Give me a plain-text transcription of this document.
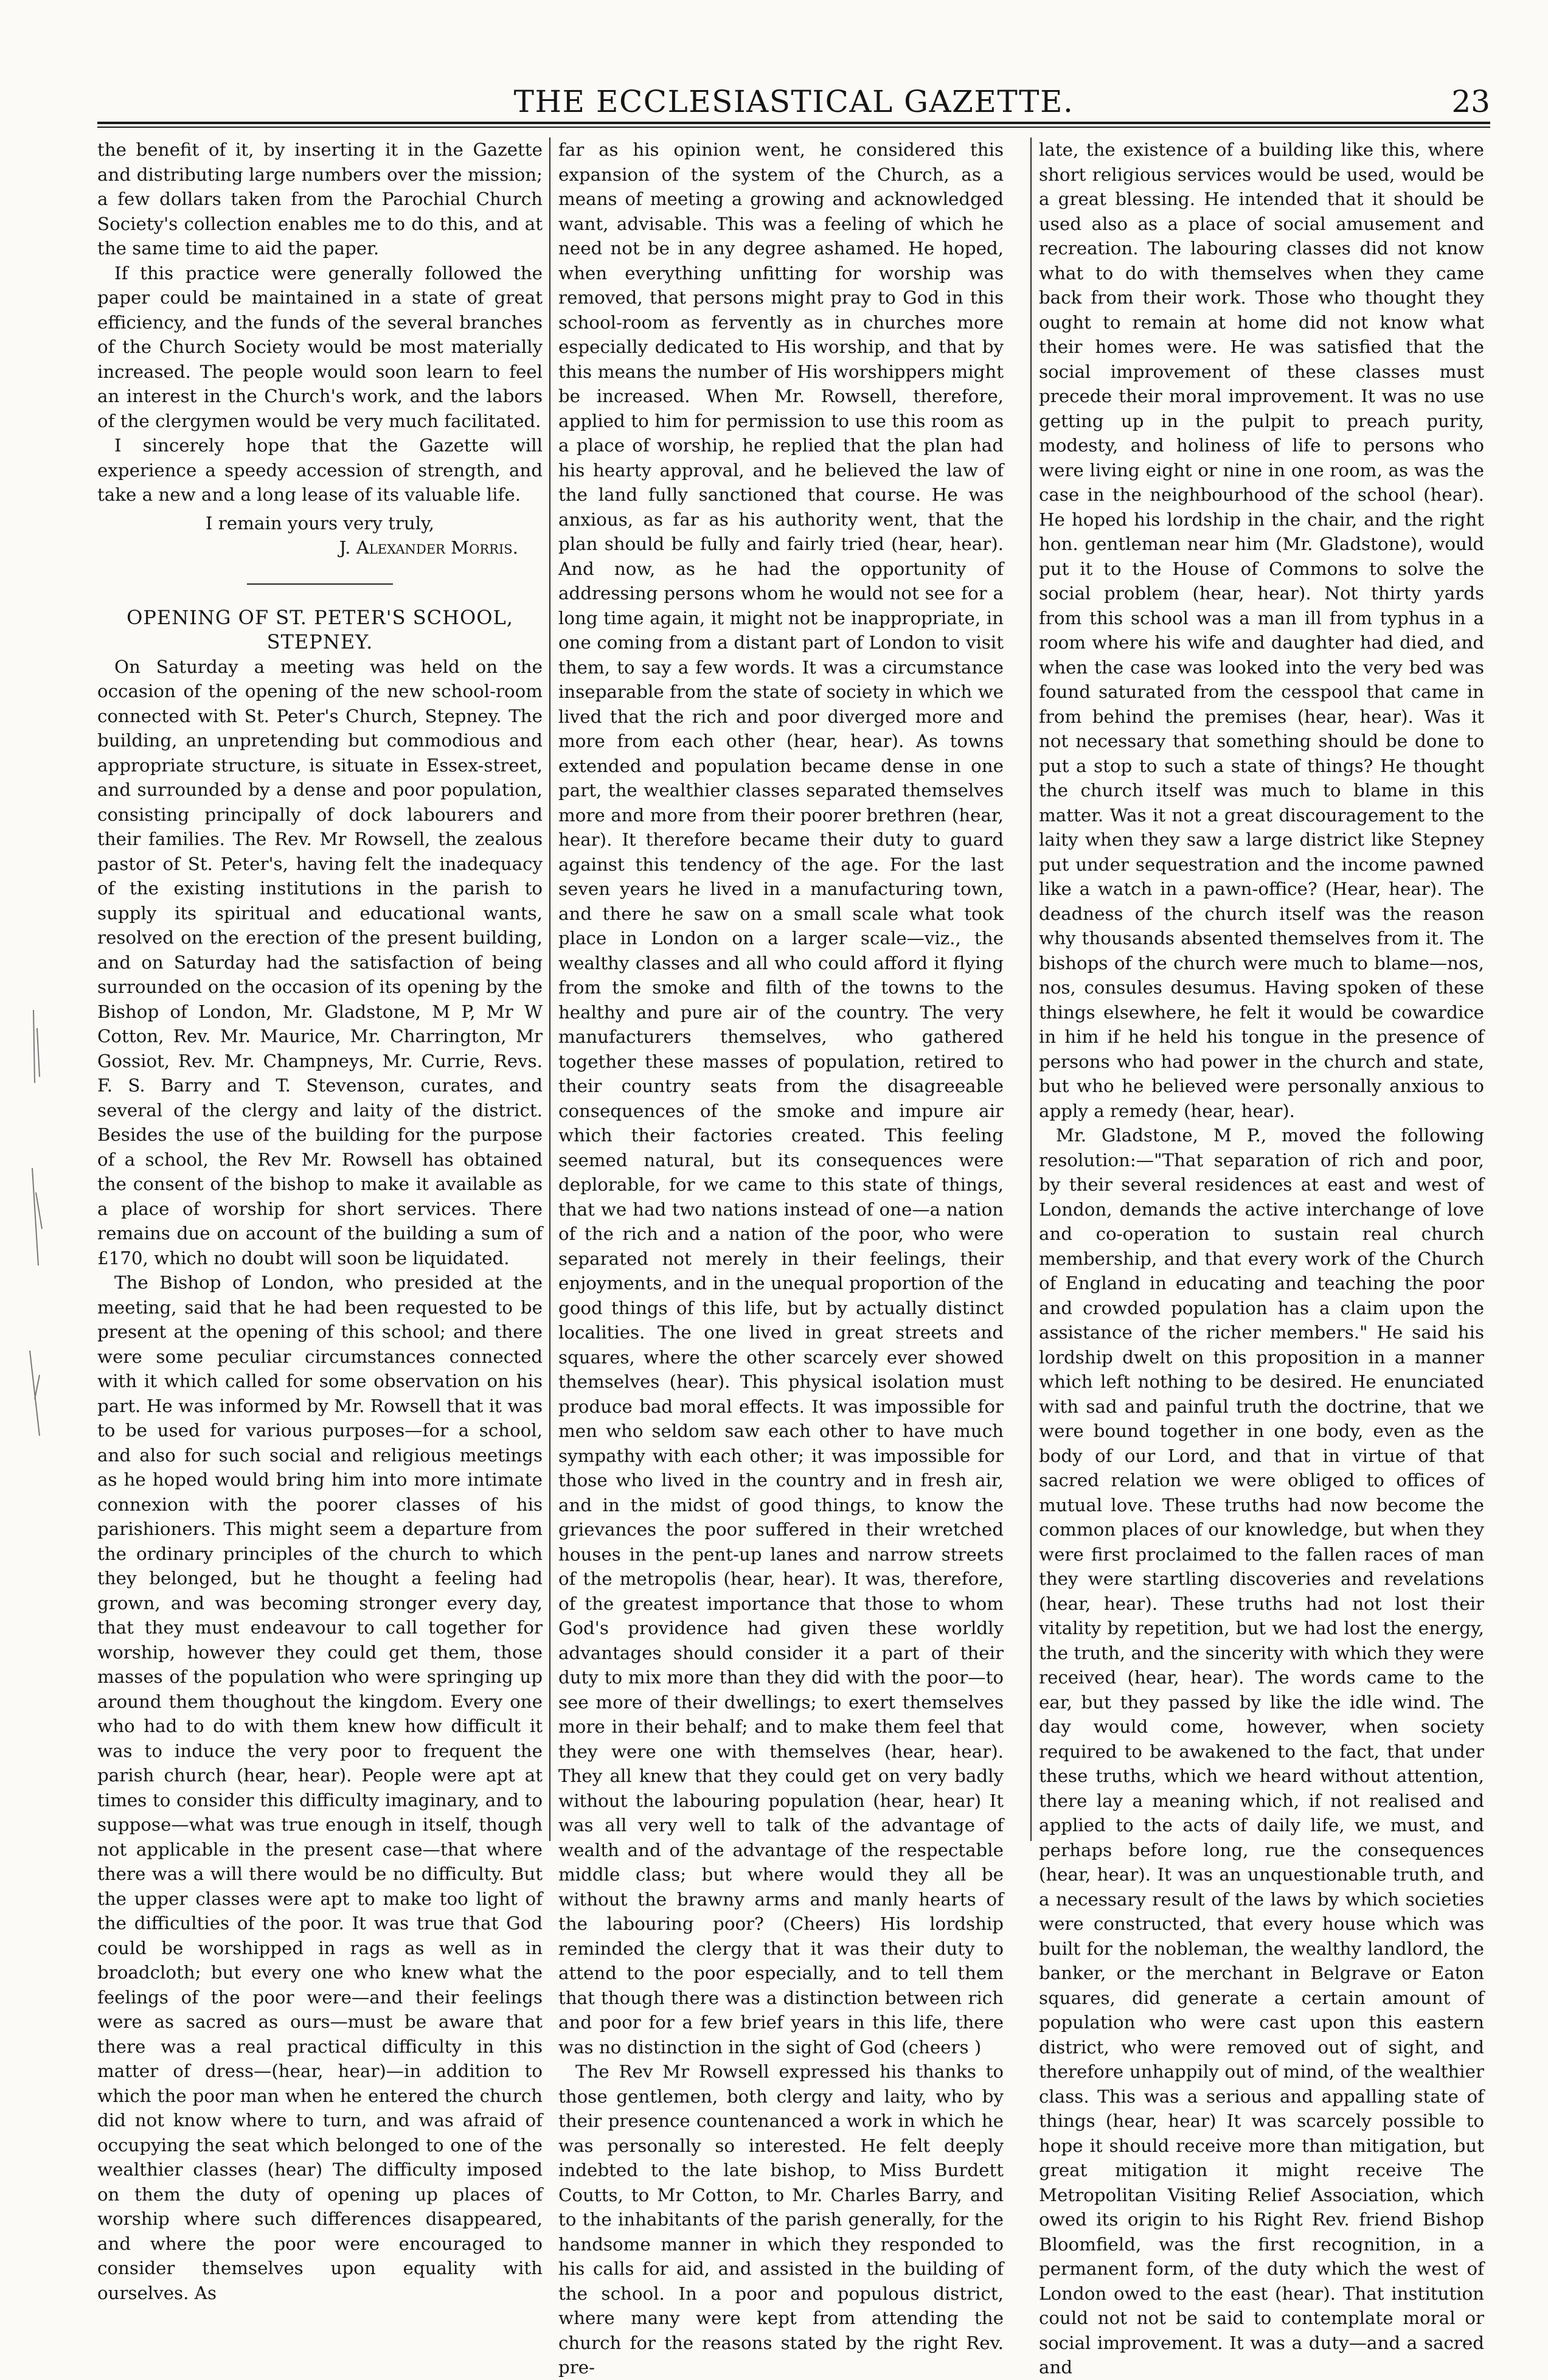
THE ECCLESIASTICAL GAZETTE.	23

the benefit of it, by inserting it in the Gazette and distributing large numbers over the mission; a few dollars taken from the Parochial Church Society's collection enables me to do this, and at the same time to aid the paper.

If this practice were generally followed the paper could be maintained in a state of great efficiency, and the funds of the several branches of the Church Society would be most materially increased. The people would soon learn to feel an interest in the Church's work, and the labors of the clergymen would be very much facilitated.

I sincerely hope that the Gazette will experience a speedy accession of strength, and take a new and a long lease of its valuable life.

I remain yours very truly,

J. Alexander Morris.

OPENING OF ST. PETER'S SCHOOL, STEPNEY.

On Saturday a meeting was held on the occasion of the opening of the new school-room connected with St. Peter's Church, Stepney. The building, an unpretending but commodious and appropriate structure, is situate in Essex-street, and surrounded by a dense and poor population, consisting principally of dock labourers and their families. The Rev. Mr Rowsell, the zealous pastor of St. Peter's, having felt the inadequacy of the existing institutions in the parish to supply its spiritual and educational wants, resolved on the erection of the present building, and on Saturday had the satisfaction of being surrounded on the occasion of its opening by the Bishop of London, Mr. Gladstone, M P, Mr W Cotton, Rev. Mr. Maurice, Mr. Charrington, Mr Gossiot, Rev. Mr. Champneys, Mr. Currie, Revs. F. S. Barry and T. Stevenson, curates, and several of the clergy and laity of the district. Besides the use of the building for the purpose of a school, the Rev Mr. Rowsell has obtained the consent of the bishop to make it available as a place of worship for short services. There remains due on account of the building a sum of £170, which no doubt will soon be liquidated.

The Bishop of London, who presided at the meeting, said that he had been requested to be present at the opening of this school; and there were some peculiar circumstances connected with it which called for some observation on his part. He was informed by Mr. Rowsell that it was to be used for various purposes—for a school, and also for such social and religious meetings as he hoped would bring him into more intimate connexion with the poorer classes of his parishioners. This might seem a departure from the ordinary principles of the church to which they belonged, but he thought a feeling had grown, and was becoming stronger every day, that they must endeavour to call together for worship, however they could get them, those masses of the population who were springing up around them thoughout the kingdom. Every one who had to do with them knew how difficult it was to induce the very poor to frequent the parish church (hear, hear). People were apt at times to consider this difficulty imaginary, and to suppose—what was true enough in itself, though not applicable in the present case—that where there was a will there would be no difficulty. But the upper classes were apt to make too light of the difficulties of the poor. It was true that God could be worshipped in rags as well as in broadcloth; but every one who knew what the feelings of the poor were—and their feelings were as sacred as ours—must be aware that there was a real practical difficulty in this matter of dress—(hear, hear)—in addition to which the poor man when he entered the church did not know where to turn, and was afraid of occupying the seat which belonged to one of the wealthier classes (hear) The difficulty imposed on them the duty of opening up places of worship where such differences disappeared, and where the poor were encouraged to consider themselves upon equality with ourselves. As

far as his opinion went, he considered this expansion of the system of the Church, as a means of meeting a growing and acknowledged want, advisable. This was a feeling of which he need not be in any degree ashamed. He hoped, when everything unfitting for worship was removed, that persons might pray to God in this school-room as fervently as in churches more especially dedicated to His worship, and that by this means the number of His worshippers might be increased. When Mr. Rowsell, therefore, applied to him for permission to use this room as a place of worship, he replied that the plan had his hearty approval, and he believed the law of the land fully sanctioned that course. He was anxious, as far as his authority went, that the plan should be fully and fairly tried (hear, hear). And now, as he had the opportunity of addressing persons whom he would not see for a long time again, it might not be inappropriate, in one coming from a distant part of London to visit them, to say a few words. It was a circumstance inseparable from the state of society in which we lived that the rich and poor diverged more and more from each other (hear, hear). As towns extended and population became dense in one part, the wealthier classes separated themselves more and more from their poorer brethren (hear, hear). It therefore became their duty to guard against this tendency of the age. For the last seven years he lived in a manufacturing town, and there he saw on a small scale what took place in London on a larger scale—viz., the wealthy classes and all who could afford it flying from the smoke and filth of the towns to the healthy and pure air of the country. The very manufacturers themselves, who gathered together these masses of population, retired to their country seats from the disagreeable consequences of the smoke and impure air which their factories created. This feeling seemed natural, but its consequences were deplorable, for we came to this state of things, that we had two nations instead of one—a nation of the rich and a nation of the poor, who were separated not merely in their feelings, their enjoyments, and in the unequal proportion of the good things of this life, but by actually distinct localities. The one lived in great streets and squares, where the other scarcely ever showed themselves (hear). This physical isolation must produce bad moral effects. It was impossible for men who seldom saw each other to have much sympathy with each other; it was impossible for those who lived in the country and in fresh air, and in the midst of good things, to know the grievances the poor suffered in their wretched houses in the pent-up lanes and narrow streets of the metropolis (hear, hear). It was, therefore, of the greatest importance that those to whom God's providence had given these worldly advantages should consider it a part of their duty to mix more than they did with the poor—to see more of their dwellings; to exert themselves more in their behalf; and to make them feel that they were one with themselves (hear, hear). They all knew that they could get on very badly without the labouring population (hear, hear) It was all very well to talk of the advantage of wealth and of the advantage of the respectable middle class; but where would they all be without the brawny arms and manly hearts of the labouring poor? (Cheers) His lordship reminded the clergy that it was their duty to attend to the poor especially, and to tell them that though there was a distinction between rich and poor for a few brief years in this life, there was no distinction in the sight of God (cheers )

The Rev Mr Rowsell expressed his thanks to those gentlemen, both clergy and laity, who by their presence countenanced a work in which he was personally so interested. He felt deeply indebted to the late bishop, to Miss Burdett Coutts, to Mr Cotton, to Mr. Charles Barry, and to the inhabitants of the parish generally, for the handsome manner in which they responded to his calls for aid, and assisted in the building of the school. In a poor and populous district, where many were kept from attending the church for the reasons stated by the right Rev. pre-

late, the existence of a building like this, where short religious services would be used, would be a great blessing. He intended that it should be used also as a place of social amusement and recreation. The labouring classes did not know what to do with themselves when they came back from their work. Those who thought they ought to remain at home did not know what their homes were. He was satisfied that the social improvement of these classes must precede their moral improvement. It was no use getting up in the pulpit to preach purity, modesty, and holiness of life to persons who were living eight or nine in one room, as was the case in the neighbourhood of the school (hear). He hoped his lordship in the chair, and the right hon. gentleman near him (Mr. Gladstone), would put it to the House of Commons to solve the social problem (hear, hear). Not thirty yards from this school was a man ill from typhus in a room where his wife and daughter had died, and when the case was looked into the very bed was found saturated from the cesspool that came in from behind the premises (hear, hear). Was it not necessary that something should be done to put a stop to such a state of things? He thought the church itself was much to blame in this matter. Was it not a great discouragement to the laity when they saw a large district like Stepney put under sequestration and the income pawned like a watch in a pawn-office? (Hear, hear). The deadness of the church itself was the reason why thousands absented themselves from it. The bishops of the church were much to blame—nos, nos, consules desumus. Having spoken of these things elsewhere, he felt it would be cowardice in him if he held his tongue in the presence of persons who had power in the church and state, but who he believed were personally anxious to apply a remedy (hear, hear).

Mr. Gladstone, M P., moved the following resolution:—"That separation of rich and poor, by their several residences at east and west of London, demands the active interchange of love and co-operation to sustain real church membership, and that every work of the Church of England in educating and teaching the poor and crowded population has a claim upon the assistance of the richer members." He said his lordship dwelt on this proposition in a manner which left nothing to be desired. He enunciated with sad and painful truth the doctrine, that we were bound together in one body, even as the body of our Lord, and that in virtue of that sacred relation we were obliged to offices of mutual love. These truths had now become the common places of our knowledge, but when they were first proclaimed to the fallen races of man they were startling discoveries and revelations (hear, hear). These truths had not lost their vitality by repetition, but we had lost the energy, the truth, and the sincerity with which they were received (hear, hear). The words came to the ear, but they passed by like the idle wind. The day would come, however, when society required to be awakened to the fact, that under these truths, which we heard without attention, there lay a meaning which, if not realised and applied to the acts of daily life, we must, and perhaps before long, rue the consequences (hear, hear). It was an unquestionable truth, and a necessary result of the laws by which societies were constructed, that every house which was built for the nobleman, the wealthy landlord, the banker, or the merchant in Belgrave or Eaton squares, did generate a certain amount of population who were cast upon this eastern district, who were removed out of sight, and therefore unhappily out of mind, of the wealthier class. This was a serious and appalling state of things (hear, hear) It was scarcely possible to hope it should receive more than mitigation, but great mitigation it might receive The Metropolitan Visiting Relief Association, which owed its origin to his Right Rev. friend Bishop Bloomfield, was the first recognition, in a permanent form, of the duty which the west of London owed to the east (hear). That institution could not not be said to contemplate moral or social improvement. It was a duty—and a sacred and
